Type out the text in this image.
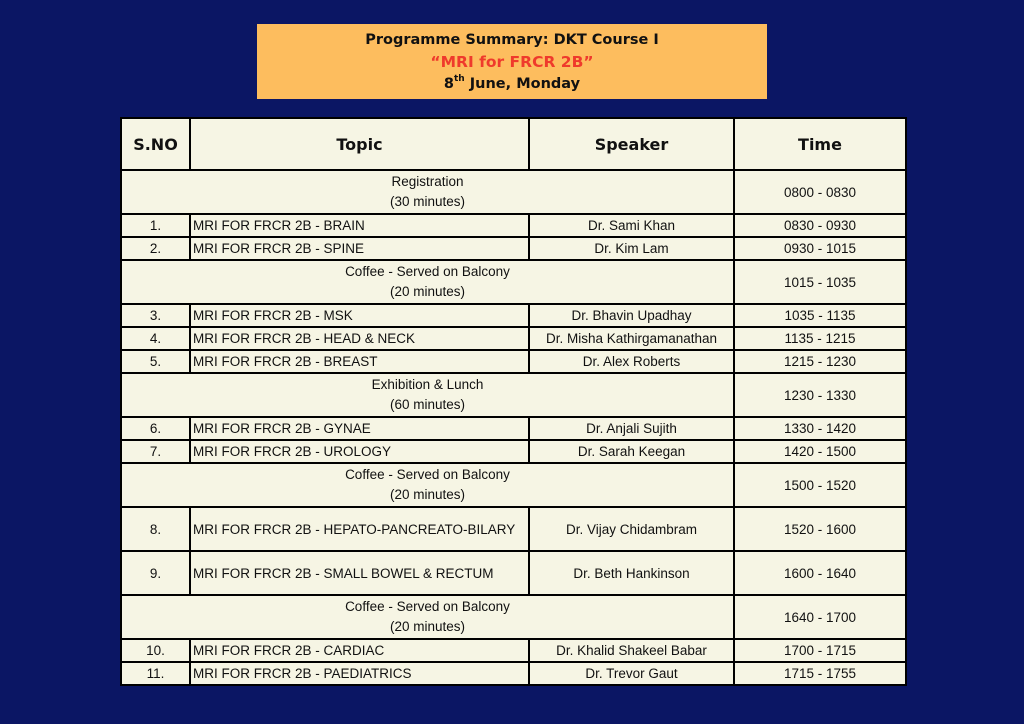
Programme Summary: DKT Course I
“MRI for FRCR 2B”
8th June, Monday
S.NO	Topic	Speaker	Time

Registration
(30 minutes)			0800 - 0830
1.	MRI FOR FRCR 2B - BRAIN	Dr. Sami Khan	0830 - 0930
2.	MRI FOR FRCR 2B - SPINE	Dr. Kim Lam	0930 - 1015

Coffee - Served on Balcony
(20 minutes)			1015 - 1035
3.	MRI FOR FRCR 2B - MSK	Dr. Bhavin Upadhay	1035 - 1135
4.	MRI FOR FRCR 2B - HEAD & NECK	Dr. Misha Kathirgamanathan	1135 - 1215
5.	MRI FOR FRCR 2B - BREAST	Dr. Alex Roberts	1215 - 1230

Exhibition & Lunch
(60 minutes)			1230 - 1330
6.	MRI FOR FRCR 2B - GYNAE	Dr. Anjali Sujith	1330 - 1420
7.	MRI FOR FRCR 2B - UROLOGY	Dr. Sarah Keegan	1420 - 1500

Coffee - Served on Balcony
(20 minutes)			1500 - 1520
8.	MRI FOR FRCR 2B - HEPATO-PANCREATO-BILARY	Dr. Vijay Chidambram	1520 - 1600
9.	MRI FOR FRCR 2B - SMALL BOWEL & RECTUM	Dr. Beth Hankinson	1600 - 1640

Coffee - Served on Balcony
(20 minutes)			1640 - 1700
10.	MRI FOR FRCR 2B - CARDIAC	Dr. Khalid Shakeel Babar	1700 - 1715
11.	MRI FOR FRCR 2B - PAEDIATRICS	Dr. Trevor Gaut	1715 - 1755
